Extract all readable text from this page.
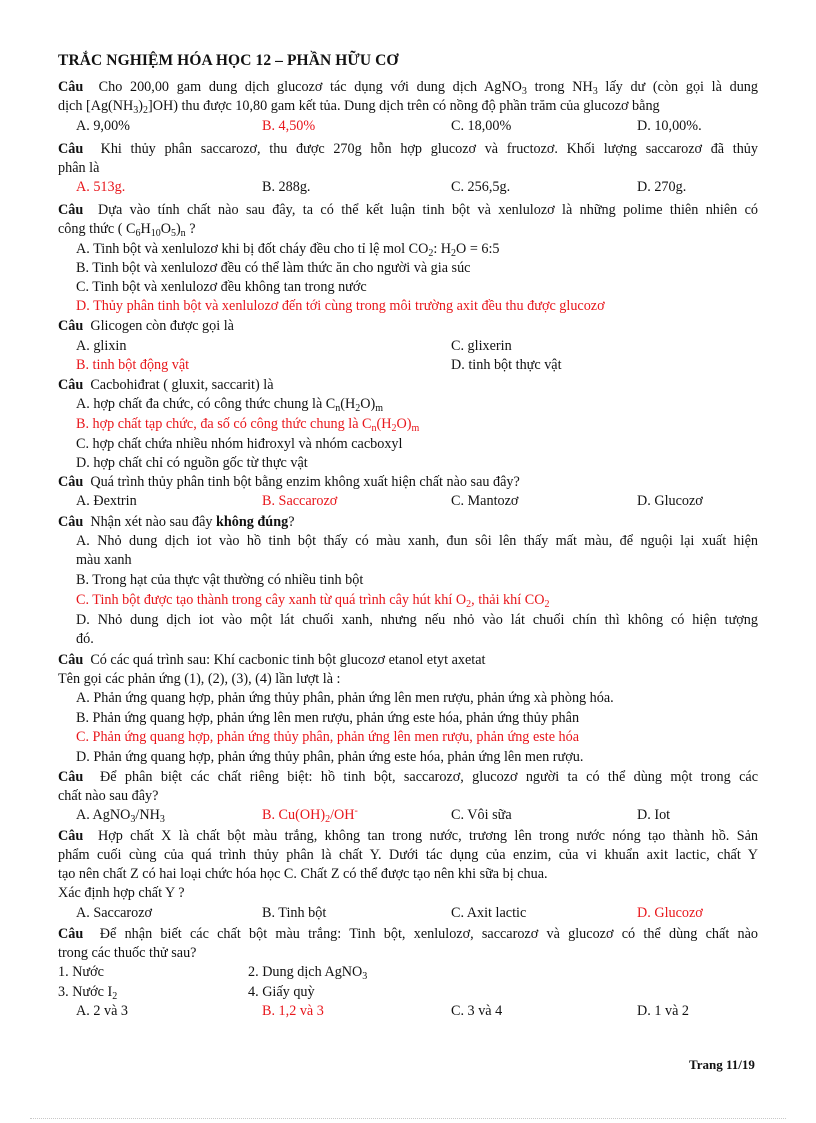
TRẮC NGHIỆM HÓA HỌC 12 – PHẦN HỮU CƠ
Câu Cho 200,00 gam dung dịch glucozơ tác dụng với dung dịch AgNO$_3$ trong $NH_3$ lấy dư (còn gọi là dung
dịch $[Ag(NH_3)_2]OH$) thu được 10,80 gam kết tủa. Dung dịch trên có nồng độ phần trăm của glucozơ bằng
A. 9,00%	B. 4,50%	C. 18,00%	D. 10,00%.
Câu Khi thủy phân saccarozơ, thu được 270g hỗn hợp glucozơ và fructozơ. Khối lượng saccarozơ đã thủy
phân là
A. 513g.	B. 288g.	C. 256,5g.	D. 270g.
Câu Dựa vào tính chất nào sau đây, ta có thể kết luận tinh bột và xenlulozơ là những polime thiên nhiên có
công thức ( $C_6H_{10}O_5)_n$ ?
A. Tinh bột và xenlulozơ khi bị đốt cháy đều cho tỉ lệ mol $CO_2$: $H_2O$ = 6:5
B. Tinh bột và xenlulozơ đều có thể làm thức ăn cho người và gia súc
C. Tinh bột và xenlulozơ đều không tan trong nước
D. Thủy phân tinh bột và xenlulozơ đến tới cùng trong môi trường axit đều thu được glucozơ
Câu Glicogen còn được gọi là
A. glixin	C. glixerin
B. tinh bột động vật	D. tinh bột thực vật
Câu Cacbohiđrat ( gluxit, saccarit) là
A. hợp chất đa chức, có công thức chung là $C_n(H_2O)_m$
B. hợp chất tạp chức, đa số có công thức chung là $C_n(H_2O)_m$
C. hợp chất chứa nhiều nhóm hiđroxyl và nhóm cacboxyl
D. hợp chất chỉ có nguồn gốc từ thực vật
Câu Quá trình thủy phân tinh bột bằng enzim không xuất hiện chất nào sau đây?
A. Đextrin	B. Saccarozơ	C. Mantozơ	D. Glucozơ
Câu Nhận xét nào sau đây không đúng?
A. Nhỏ dung dịch iot vào hồ tinh bột thấy có màu xanh, đun sôi lên thấy mất màu, để nguội lại xuất hiện
màu xanh
B. Trong hạt của thực vật thường có nhiều tinh bột
C. Tinh bột được tạo thành trong cây xanh từ quá trình cây hút khí $O_2$, thải khí $CO_2$
D. Nhỏ dung dịch iot vào một lát chuối xanh, nhưng nếu nhỏ vào lát chuối chín thì không có hiện tượng
đó.
Câu Có các quá trình sau: Khí cacbonic tinh bột glucozơ etanol etyt axetat
Tên gọi các phản ứng (1), (2), (3), (4) lần lượt là :
A. Phản ứng quang hợp, phản ứng thủy phân, phản ứng lên men rượu, phản ứng xà phòng hóa.
B. Phản ứng quang hợp, phản ứng lên men rượu, phản ứng este hóa, phản ứng thủy phân
C. Phản ứng quang hợp, phản ứng thủy phân, phản ứng lên men rượu, phản ứng este hóa
D. Phản ứng quang hợp, phản ứng thủy phân, phản ứng este hóa, phản ứng lên men rượu.
Câu Để phân biệt các chất riêng biệt: hồ tinh bột, saccarozơ, glucozơ người ta có thể dùng một trong các
chất nào sau đây?
A. $AgNO_3/NH_3$	B. $Cu(OH)_2/OH^-$	C. Vôi sữa	D. Iot
Câu Hợp chất X là chất bột màu trắng, không tan trong nước, trương lên trong nước nóng tạo thành hồ. Sản
phẩm cuối cùng của quá trình thủy phân là chất Y. Dưới tác dụng của enzim, của vi khuẩn axit lactic, chất Y
tạo nên chất Z có hai loại chức hóa học C. Chất Z có thể được tạo nên khi sữa bị chua.
Xác định hợp chất Y ?
A. Saccarozơ	B. Tinh bột	C. Axit lactic	D. Glucozơ
Câu Để nhận biết các chất bột màu trắng: Tinh bột, xenlulozơ, saccarozơ và glucozơ có thể dùng chất nào
trong các thuốc thử sau?
1. Nước	2. Dung dịch AgNO$_3$
3. Nước $I_2$	4. Giấy quỳ
A. 2 và 3	B. 1,2 và 3	C. 3 và 4	D. 1 và 2
Trang 11/19
